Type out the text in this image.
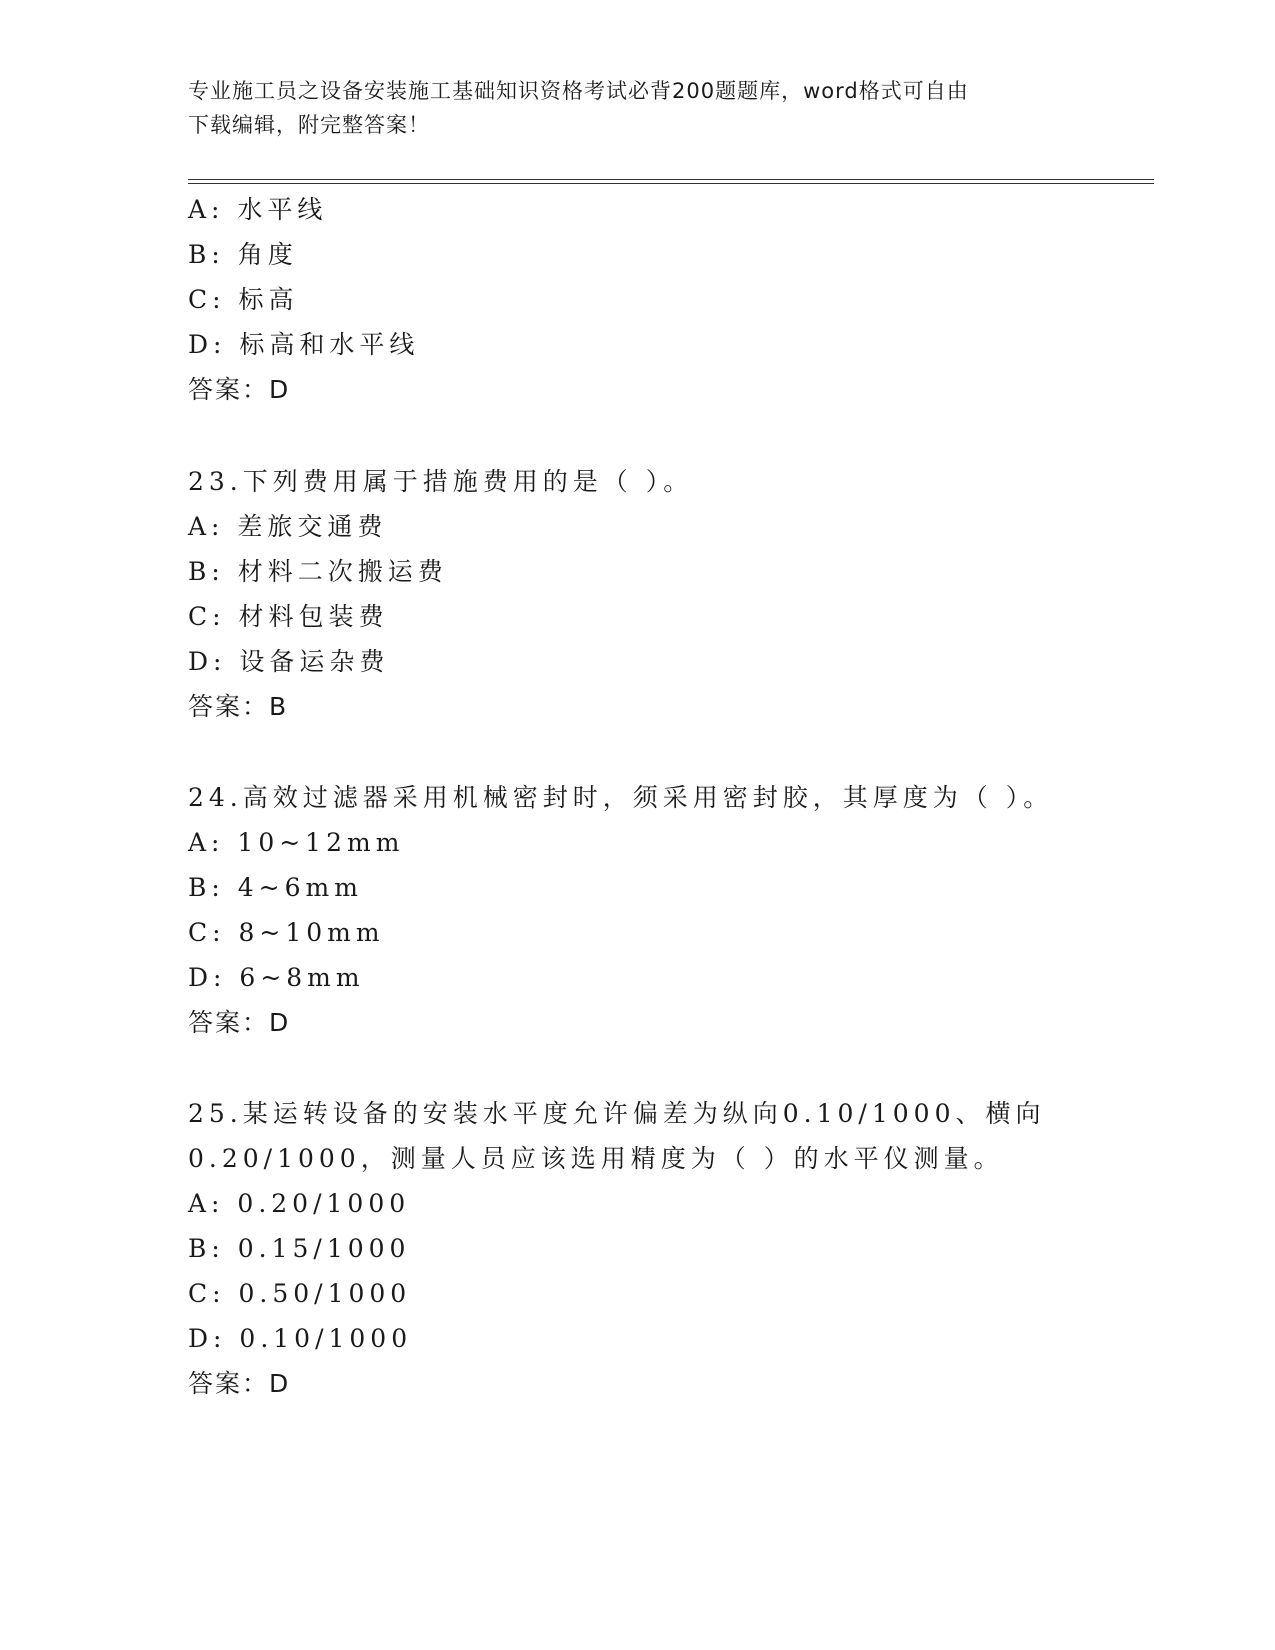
专业施工员之设备安装施工基础知识资格考试必背200题题库，word格式可自由
下载编辑，附完整答案！
A: 水平线
B: 角度
C: 标高
D: 标高和水平线
答案：D
23.下列费用属于措施费用的是（ ）。
A: 差旅交通费
B: 材料二次搬运费
C: 材料包装费
D: 设备运杂费
答案：B
24.高效过滤器采用机械密封时，须采用密封胶，其厚度为（ ）。
A: 10~12mm
B: 4~6mm
C: 8~10mm
D: 6~8mm
答案：D
25.某运转设备的安装水平度允许偏差为纵向0.10/1000、横向
0.20/1000，测量人员应该选用精度为（ ）的水平仪测量。
A: 0.20/1000
B: 0.15/1000
C: 0.50/1000
D: 0.10/1000
答案：D
